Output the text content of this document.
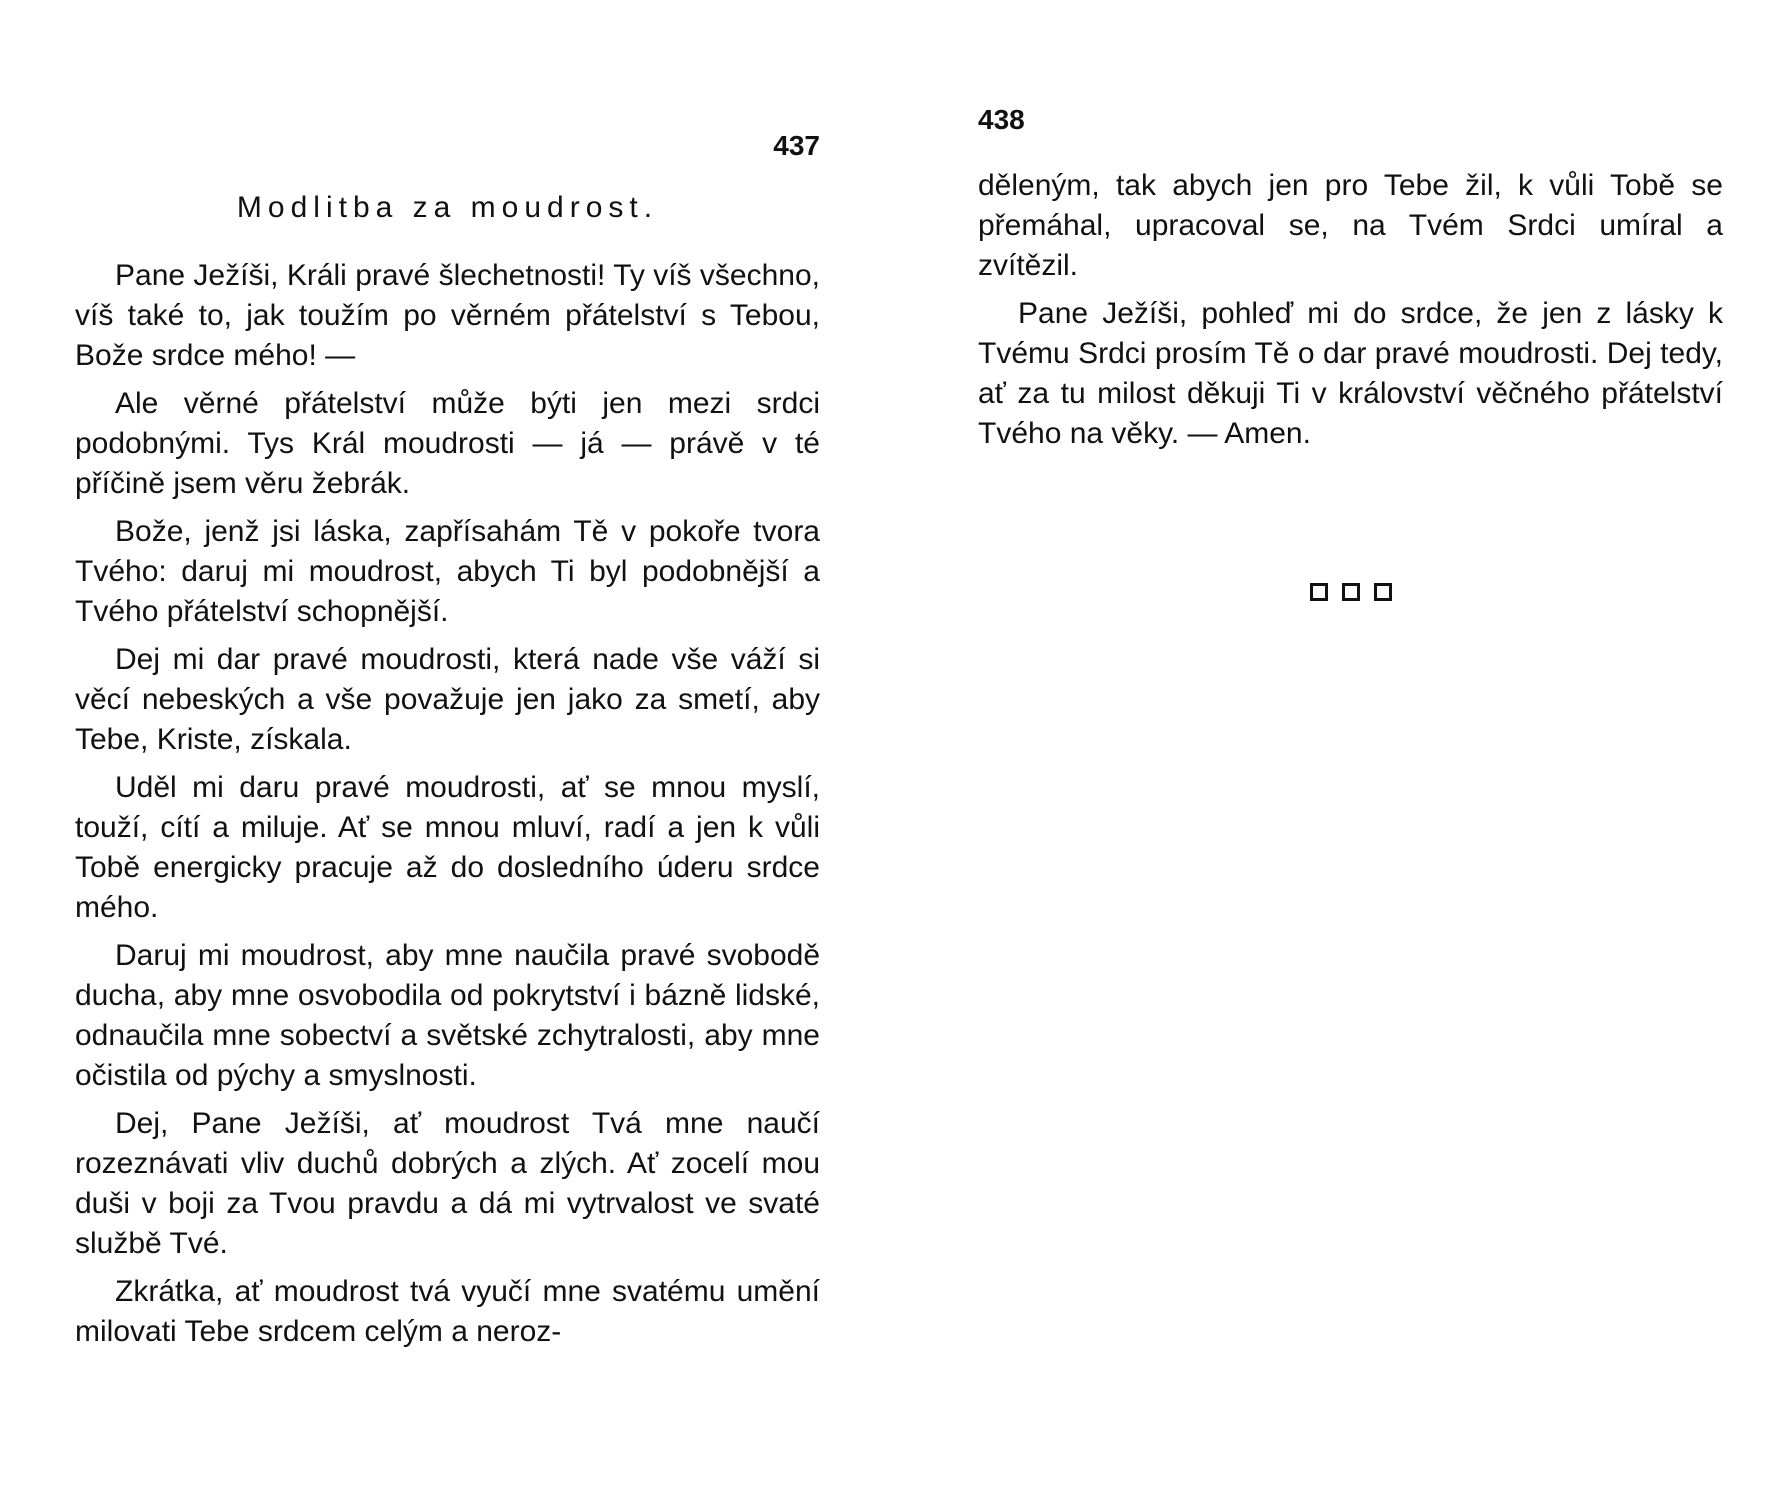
437
Modlitba za moudrost.

Pane Ježíši, Králi pravé šlechetnosti! Ty víš všechno, víš také to, jak toužím po věrném přátelství s Tebou, Bože srdce mého! —

Ale věrné přátelství může býti jen mezi srdci podobnými. Tys Král moudrosti — já — právě v té příčině jsem věru žebrák.

Bože, jenž jsi láska, zapřísahám Tě v pokoře tvora Tvého: daruj mi moudrost, abych Ti byl podobnější a Tvého přátelství schopnější.

Dej mi dar pravé moudrosti, která nade vše váží si věcí nebeských a vše považuje jen jako za smetí, aby Tebe, Kriste, získala.

Uděl mi daru pravé moudrosti, ať se mnou myslí, touží, cítí a miluje. Ať se mnou mluví, radí a jen k vůli Tobě energicky pracuje až do dosledního úderu srdce mého.

Daruj mi moudrost, aby mne naučila pravé svobodě ducha, aby mne osvobodila od pokrytství i bázně lidské, odnaučila mne sobectví a světské zchytralosti, aby mne očistila od pýchy a smyslnosti.

Dej, Pane Ježíši, ať moudrost Tvá mne naučí rozeznávati vliv duchů dobrých a zlých. Ať zocelí mou duši v boji za Tvou pravdu a dá mi vytrvalost ve svaté službě Tvé.

Zkrátka, ať moudrost tvá vyučí mne svatému umění milovati Tebe srdcem celým a neroz-

438

děleným, tak abych jen pro Tebe žil, k vůli Tobě se přemáhal, upracoval se, na Tvém Srdci umíral a zvítězil.

Pane Ježíši, pohleď mi do srdce, že jen z lásky k Tvému Srdci prosím Tě o dar pravé moudrosti. Dej tedy, ať za tu milost děkuji Ti v království věčného přátelství Tvého na věky. — Amen.
